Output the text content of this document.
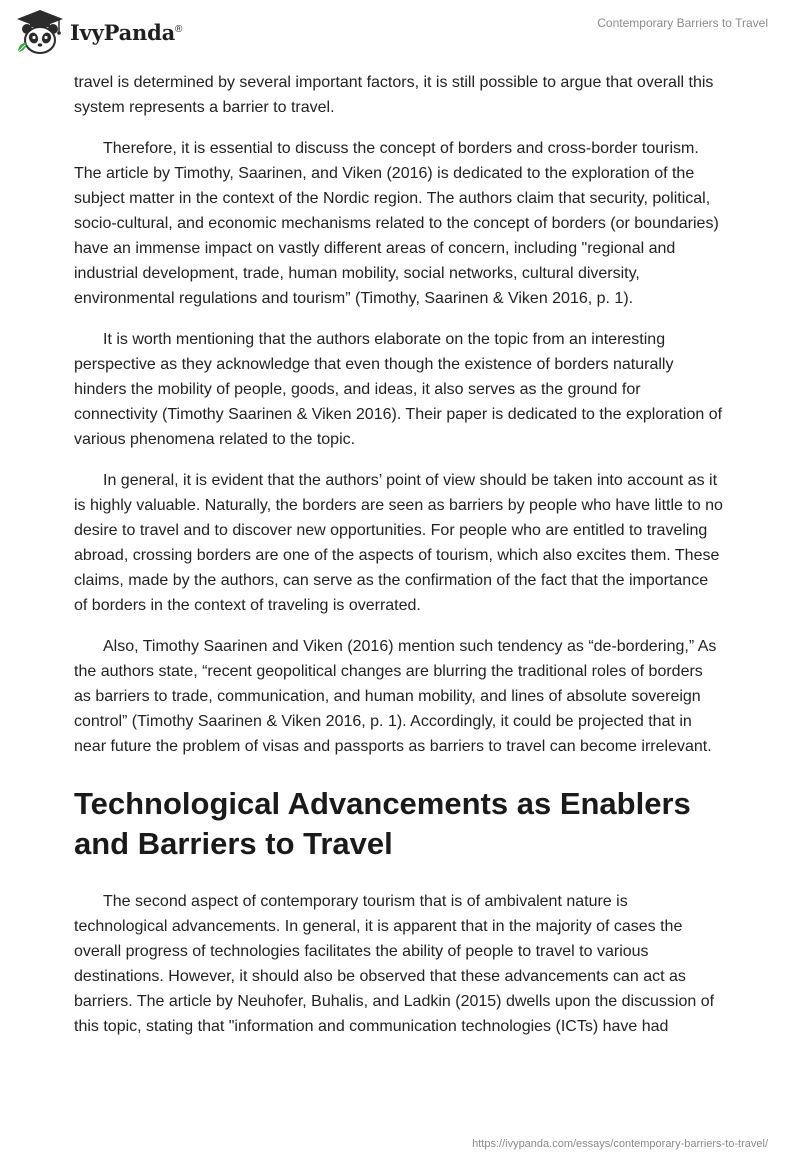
IvyPanda®	Contemporary Barriers to Travel

travel is determined by several important factors, it is still possible to argue that overall this system represents a barrier to travel.

Therefore, it is essential to discuss the concept of borders and cross-border tourism. The article by Timothy, Saarinen, and Viken (2016) is dedicated to the exploration of the subject matter in the context of the Nordic region. The authors claim that security, political, socio-cultural, and economic mechanisms related to the concept of borders (or boundaries) have an immense impact on vastly different areas of concern, including "regional and industrial development, trade, human mobility, social networks, cultural diversity, environmental regulations and tourism” (Timothy, Saarinen & Viken 2016, p. 1).

It is worth mentioning that the authors elaborate on the topic from an interesting perspective as they acknowledge that even though the existence of borders naturally hinders the mobility of people, goods, and ideas, it also serves as the ground for connectivity (Timothy Saarinen & Viken 2016). Their paper is dedicated to the exploration of various phenomena related to the topic.

In general, it is evident that the authors’ point of view should be taken into account as it is highly valuable. Naturally, the borders are seen as barriers by people who have little to no desire to travel and to discover new opportunities. For people who are entitled to traveling abroad, crossing borders are one of the aspects of tourism, which also excites them. These claims, made by the authors, can serve as the confirmation of the fact that the importance of borders in the context of traveling is overrated.

Also, Timothy Saarinen and Viken (2016) mention such tendency as “de-bordering,” As the authors state, “recent geopolitical changes are blurring the traditional roles of borders as barriers to trade, communication, and human mobility, and lines of absolute sovereign control” (Timothy Saarinen & Viken 2016, p. 1). Accordingly, it could be projected that in near future the problem of visas and passports as barriers to travel can become irrelevant.

Technological Advancements as Enablers and Barriers to Travel

The second aspect of contemporary tourism that is of ambivalent nature is technological advancements. In general, it is apparent that in the majority of cases the overall progress of technologies facilitates the ability of people to travel to various destinations. However, it should also be observed that these advancements can act as barriers. The article by Neuhofer, Buhalis, and Ladkin (2015) dwells upon the discussion of this topic, stating that "information and communication technologies (ICTs) have had

https://ivypanda.com/essays/contemporary-barriers-to-travel/
